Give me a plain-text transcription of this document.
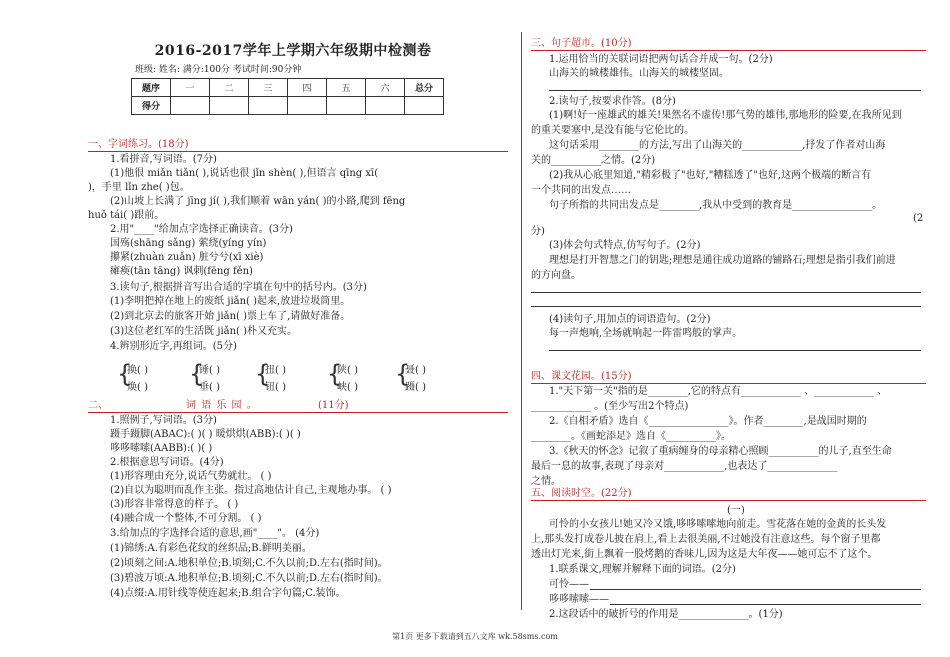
2016-2017学年上学期六年级期中检测卷
班级: 姓名: 满分:100分 考试时间:90分钟
题序	一	二	三	四	五	六	总分
得分							
一、字词练习。(18分)
1.看拼音,写词语。(7分)
(1)他很 miǎn tiǎn( ),说话也很 jǐn shèn( ),但语言 qīng xī(
)，手里 lǐn zhe( )包。
(2)山坡上长满了 jīng jí( ),我们顺着 wān yán( )的小路,爬到 fēng
huǒ tái( )跟前。
2.用"____"给加点字选择正确读音。(3分)
国殇(shāng sǎng) 萦绕(yíng yín)
攥紧(zhuàn zuǎn) 脏兮兮(xī xiè)
瘫痪(tān tāng) 讽刺(fēng fěn)
3.读句子,根据拼音写出合适的字填在句中的括号内。(3分)
(1)李明把掉在地上的废纸 jiǎn( )起来,放进垃圾筒里。
(2)到北京去的旅客开始 jiǎn( )票上车了,请做好准备。
(3)这位老红军的生活既 jiǎn( )朴又充实。
4.辨别形近字,再组词。(5分)
{
换( )
焕( ) {
锤( )
垂( ) {
扭( )
钮( ) {
陕( )
峡( ) {
聂( )
蹑( )
二、	词 语 乐 园 。	(11分)
1.照例子,写词语。(3分)
蹑手蹑脚(ABAC):( )( ) 暖烘烘(ABB):( )( )
哆哆嗦嗦(AABB):( )( )
2.根据意思写词语。(4分)
(1)形容理由充分,说话气势就壮。 ( )
(2)自以为聪明而乱作主张。指过高地估计自己,主观地办事。 ( )
(3)形容非常得意的样子。 ( )
(4)融合成一个整体,不可分割。 ( )
3.给加点的字选择合适的意思,画"____"。 (4分)
(1)锦绣:A.有彩色花纹的丝织品;B.鲜明美丽。
(2)顷刻之间:A.地积单位;B.顷刻;C.不久以前;D.左右(指时间)。
(3)碧波万顷:A.地积单位;B.顷刻;C.不久以前;D.左右(指时间)。
(4)点缀:A.用针线等使连起来;B.组合字句篇;C.装饰。
三、句子超市。(10分)
1.运用恰当的关联词语把两句话合并成一句。(2分)
山海关的城楼雄伟。山海关的城楼坚固。
2.读句子,按要求作答。(8分)
(1)啊!好一座雄武的雄关!果然名不虚传!那气势的雄伟,那地形的险要,在我所见到
的重关要塞中,是没有能与它伦比的。
这句话采用________的方法,写出了山海关的____________,抒发了作者对山海
关的__________之情。(2分)
(2)我从心底里知道,"精彩极了"也好,"糟糕透了"也好,这两个极端的断言有
一个共同的出发点……
句子所指的共同出发点是________,我从中受到的教育是________________。
(2
分)
(3)体会句式特点,仿写句子。(2分)
理想是打开智慧之门的钥匙;理想是通往成功道路的铺路石;理想是指引我们前进
的方向盘。
(4)读句子,用加点的词语造句。(2分)
每一声炮响,全场就响起一阵雷鸣般的掌声。
四、课文花园。(15分)
1."天下第一关"指的是________,它的特点有____________ 、____________ 、
____________ 。(至少写出2个特点)
2.《自相矛盾》选自《________________》。作者________,是战国时期的
________。《画蛇添足》选自《__________》。
3.《秋天的怀念》记叙了重病缠身的母亲精心照顾__________的儿子,直至生命
最后一息的故事,表现了母亲对____________,也表达了______________
之情。
五、阅读时空。(22分)
(一)
可怜的小女孩儿!她又冷又饿,哆哆嗦嗦地向前走。雪花落在她的金黄的长头发
上,那头发打成卷儿披在肩上,看上去很美丽,不过她没有注意这些。每个窗子里都
透出灯光来,街上飘着一股烤鹅的香味儿,因为这是大年夜——她可忘不了这个。
1.联系课文,理解并解释下面的词语。(2分)
可怜——
哆哆嗦嗦——
2.这段话中的破折号的作用是______________。(1分)
第1页 更多下载请到五八文库 wk.58sms.com
